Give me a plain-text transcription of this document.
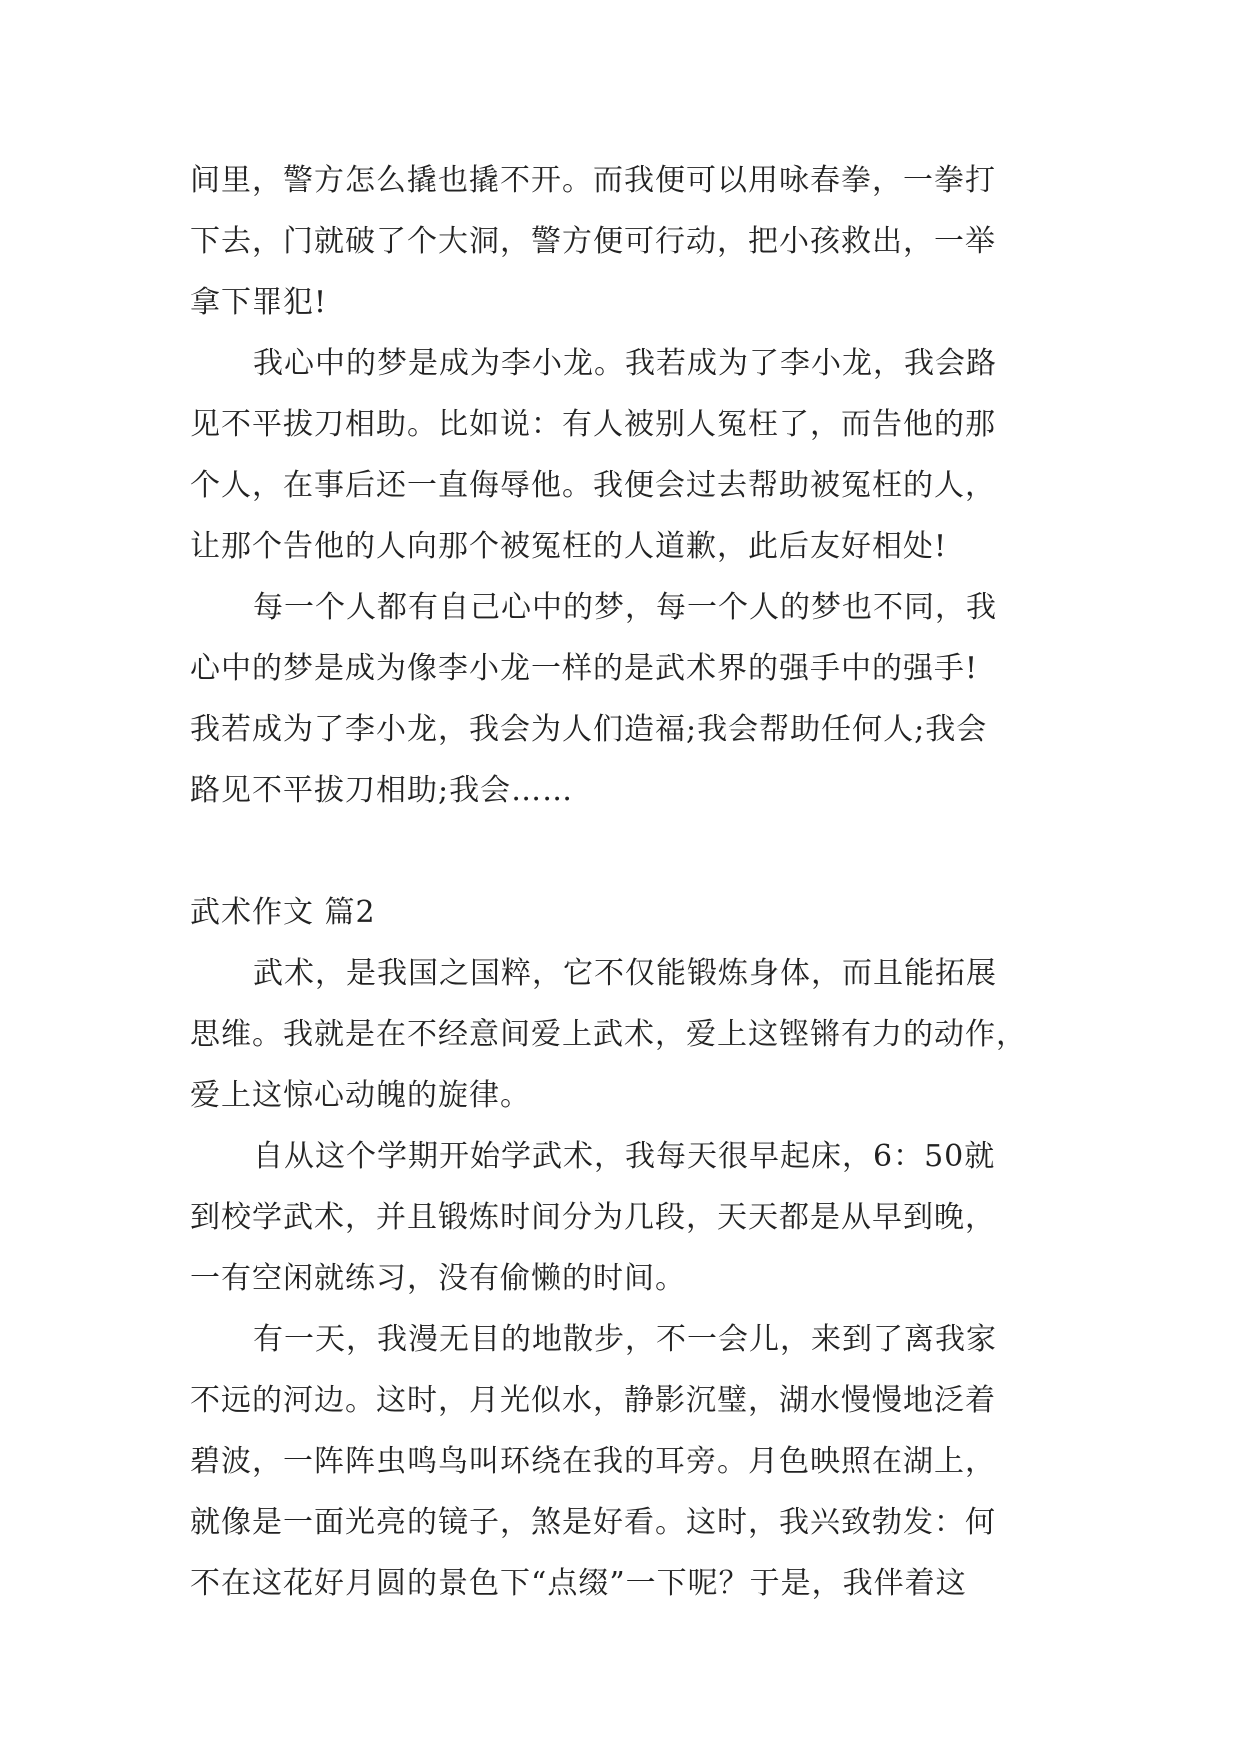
间里，警方怎么撬也撬不开。而我便可以用咏春拳，一拳打
下去，门就破了个大洞，警方便可行动，把小孩救出，一举
拿下罪犯!
我心中的梦是成为李小龙。我若成为了李小龙，我会路
见不平拔刀相助。比如说：有人被别人冤枉了，而告他的那
个人，在事后还一直侮辱他。我便会过去帮助被冤枉的人，
让那个告他的人向那个被冤枉的人道歉，此后友好相处!
每一个人都有自己心中的梦，每一个人的梦也不同，我
心中的梦是成为像李小龙一样的是武术界的强手中的强手!
我若成为了李小龙，我会为人们造福;我会帮助任何人;我会
路见不平拔刀相助;我会……
武术作文 篇2
武术，是我国之国粹，它不仅能锻炼身体，而且能拓展
思维。我就是在不经意间爱上武术，爱上这铿锵有力的动作，
爱上这惊心动魄的旋律。
自从这个学期开始学武术，我每天很早起床，6：50就
到校学武术，并且锻炼时间分为几段，天天都是从早到晚，
一有空闲就练习，没有偷懒的时间。
有一天，我漫无目的地散步，不一会儿，来到了离我家
不远的河边。这时，月光似水，静影沉璧，湖水慢慢地泛着
碧波，一阵阵虫鸣鸟叫环绕在我的耳旁。月色映照在湖上，
就像是一面光亮的镜子，煞是好看。这时，我兴致勃发：何
不在这花好月圆的景色下“点缀”一下呢？于是，我伴着这
